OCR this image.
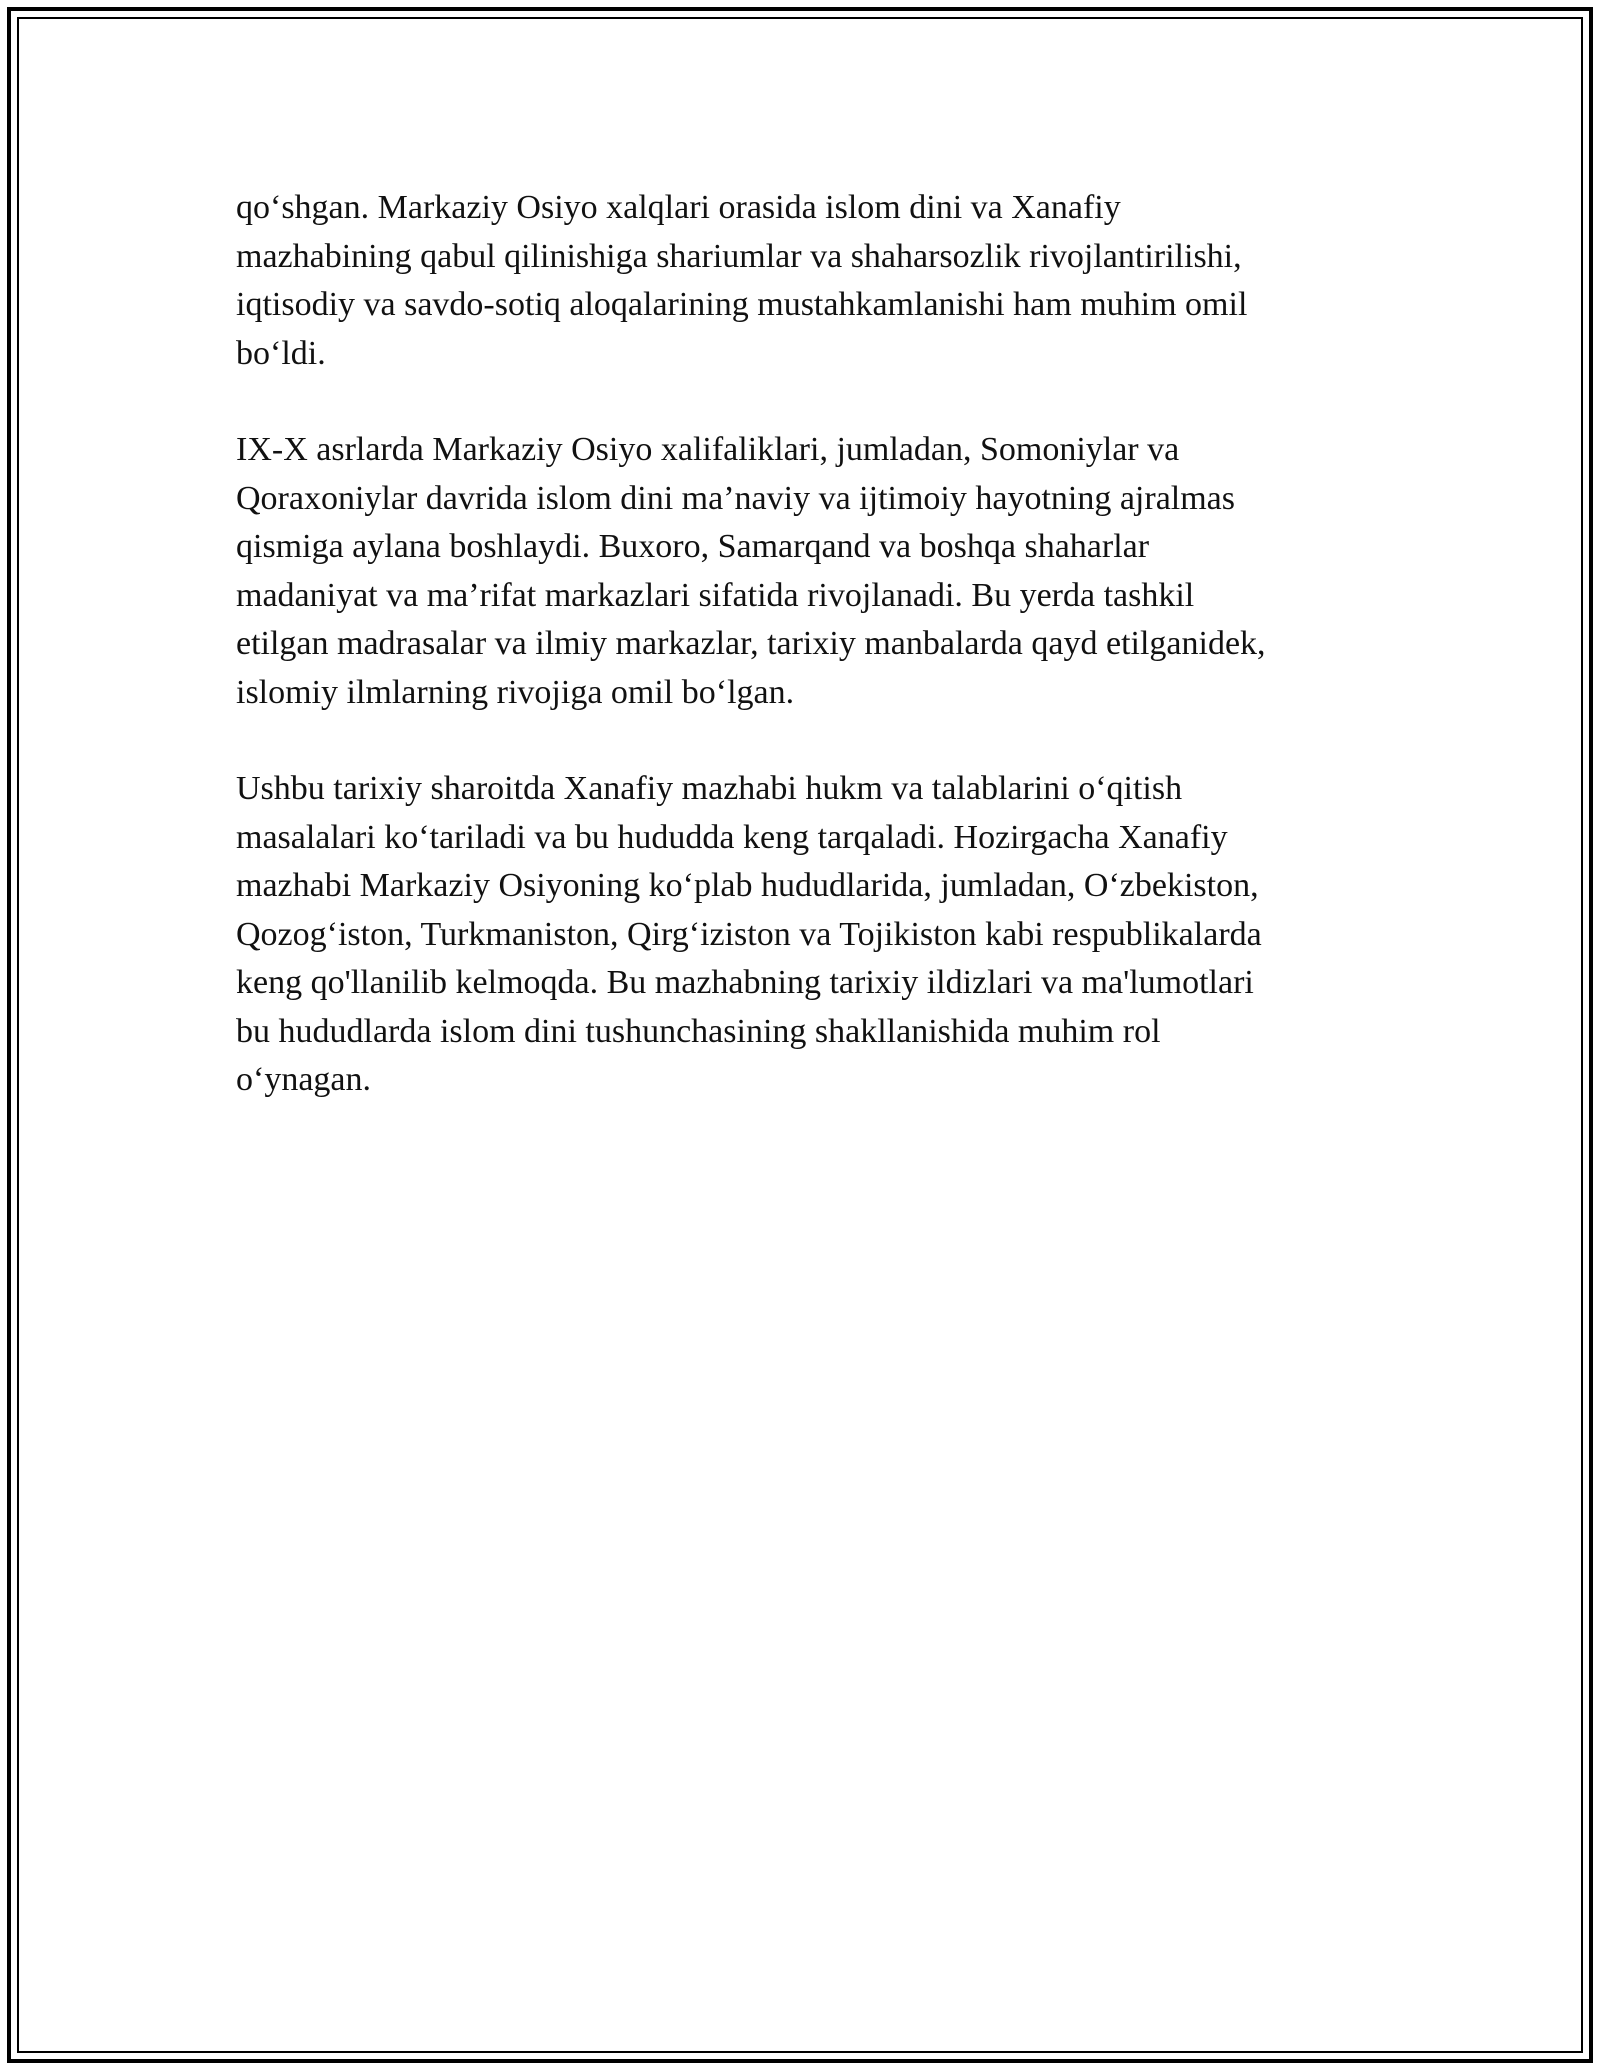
qo‘shgan. Markaziy Osiyo xalqlari orasida islom dini va Xanafiy
mazhabining qabul qilinishiga shariumlar va shaharsozlik rivojlantirilishi,
iqtisodiy va savdo-sotiq aloqalarining mustahkamlanishi ham muhim omil
bo‘ldi.

IX-X asrlarda Markaziy Osiyo xalifaliklari, jumladan, Somoniylar va
Qoraxoniylar davrida islom dini ma’naviy va ijtimoiy hayotning ajralmas
qismiga aylana boshlaydi. Buxoro, Samarqand va boshqa shaharlar
madaniyat va ma’rifat markazlari sifatida rivojlanadi. Bu yerda tashkil
etilgan madrasalar va ilmiy markazlar, tarixiy manbalarda qayd etilganidek,
islomiy ilmlarning rivojiga omil bo‘lgan.

Ushbu tarixiy sharoitda Xanafiy mazhabi hukm va talablarini o‘qitish
masalalari ko‘tariladi va bu hududda keng tarqaladi. Hozirgacha Xanafiy
mazhabi Markaziy Osiyoning ko‘plab hududlarida, jumladan, O‘zbekiston,
Qozog‘iston, Turkmaniston, Qirg‘iziston va Tojikiston kabi respublikalarda
keng qo'llanilib kelmoqda. Bu mazhabning tarixiy ildizlari va ma'lumotlari
bu hududlarda islom dini tushunchasining shakllanishida muhim rol
o‘ynagan.
